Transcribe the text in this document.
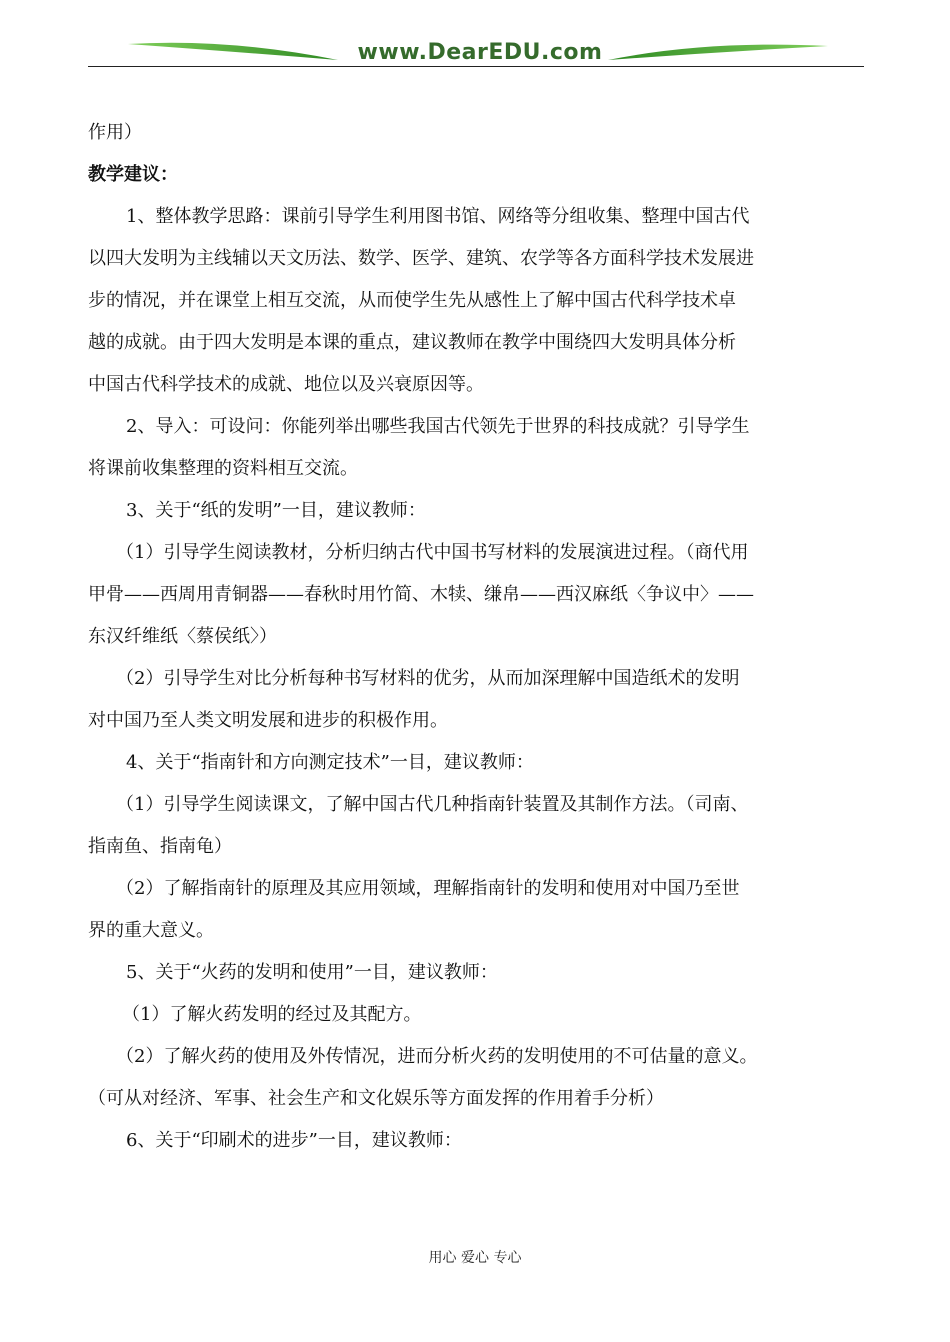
www.DearEDU.com
作用）
教学建议：
1、整体教学思路：课前引导学生利用图书馆、网络等分组收集、整理中国古代
以四大发明为主线辅以天文历法、数学、医学、建筑、农学等各方面科学技术发展进
步的情况，并在课堂上相互交流，从而使学生先从感性上了解中国古代科学技术卓
越的成就。由于四大发明是本课的重点，建议教师在教学中围绕四大发明具体分析
中国古代科学技术的成就、地位以及兴衰原因等。
2、导入：可设问：你能列举出哪些我国古代领先于世界的科技成就？引导学生
将课前收集整理的资料相互交流。
3、关于“纸的发明”一目，建议教师：
（1）引导学生阅读教材，分析归纳古代中国书写材料的发展演进过程。（商代用
甲骨——西周用青铜器——春秋时用竹简、木犊、缣帛——西汉麻纸〈争议中〉——
东汉纤维纸〈蔡侯纸〉）
（2）引导学生对比分析每种书写材料的优劣，从而加深理解中国造纸术的发明
对中国乃至人类文明发展和进步的积极作用。
4、关于“指南针和方向测定技术”一目，建议教师：
（1）引导学生阅读课文，了解中国古代几种指南针装置及其制作方法。（司南、
指南鱼、指南龟）
（2）了解指南针的原理及其应用领域，理解指南针的发明和使用对中国乃至世
界的重大意义。
5、关于“火药的发明和使用”一目，建议教师：
（1）了解火药发明的经过及其配方。
（2）了解火药的使用及外传情况，进而分析火药的发明使用的不可估量的意义。
（可从对经济、军事、社会生产和文化娱乐等方面发挥的作用着手分析）
6、关于“印刷术的进步”一目，建议教师：
用心 爱心 专心
